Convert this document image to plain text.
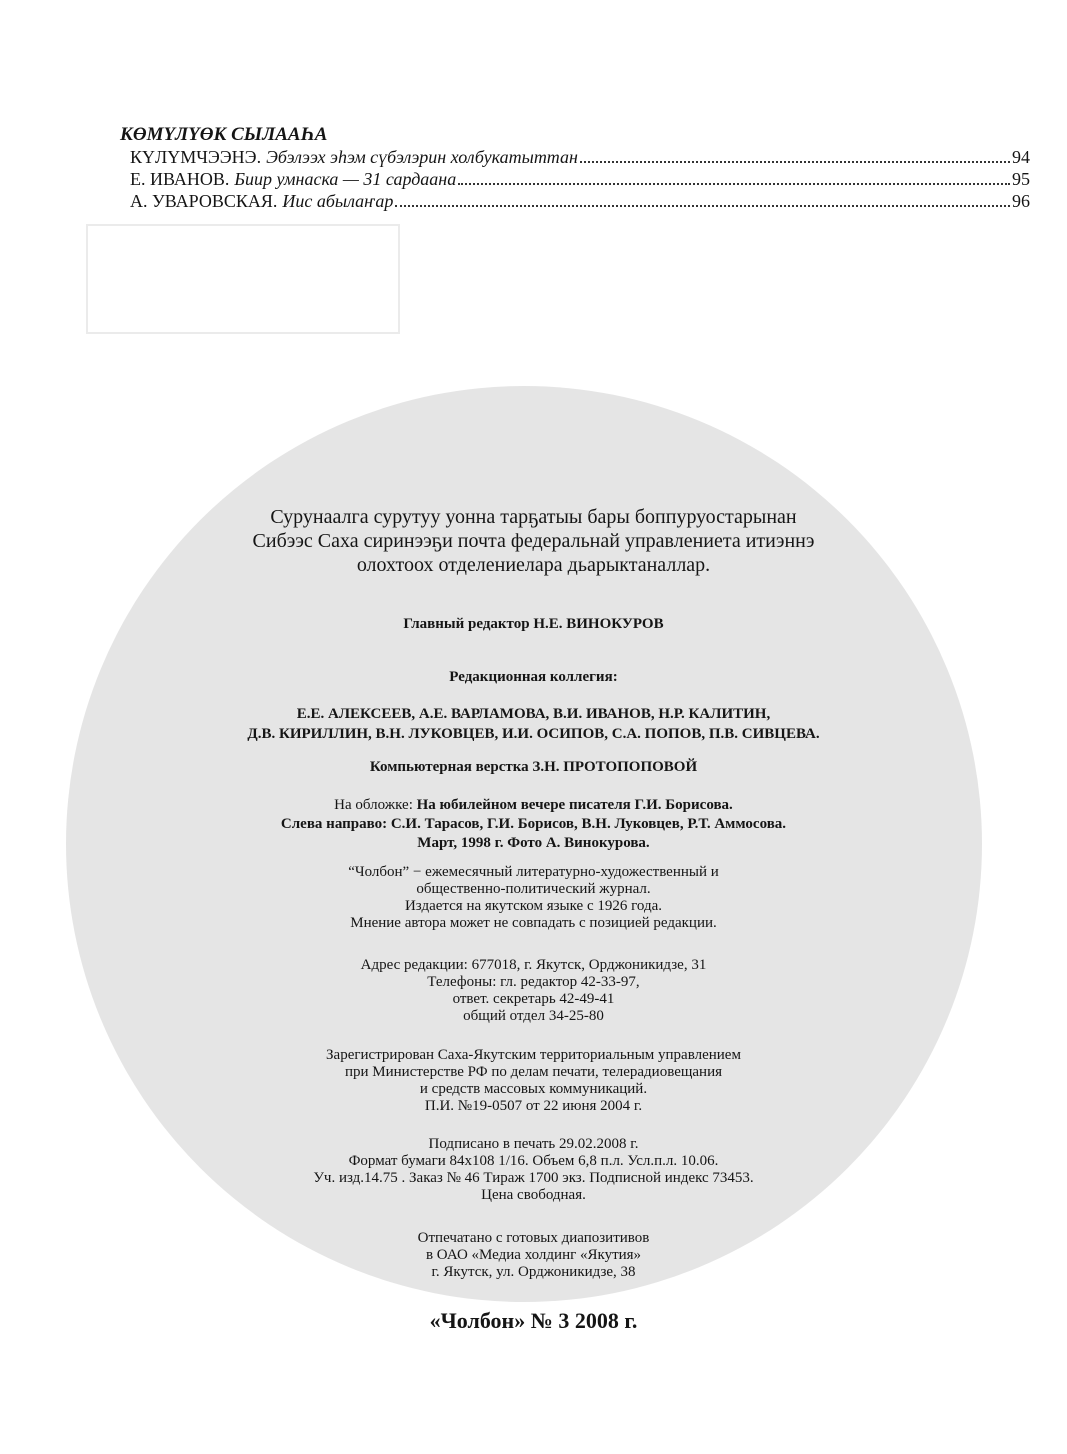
КӨМҮЛҮӨК СЫЛААҺА
КҮЛҮМЧЭЭНЭ. Эбэлээх эһэм сүбэлэрин холбукатыттан	94
Е. ИВАНОВ. Биир умнаска — 31 сардаана	95
А. УВАРОВСКАЯ. Иис абылаҥар	96
Сурунаалга сурутуу уонна тарҕатыы бары боппуруостарынан
Сибээс Саха сиринээҕи почта федеральнай управлениета итиэннэ
олохтоох отделениелара дьарыктаналлар.
Главный редактор Н.Е. ВИНОКУРОВ
Редакционная коллегия:
Е.Е. АЛЕКСЕЕВ, А.Е. ВАРЛАМОВА, В.И. ИВАНОВ, Н.Р. КАЛИТИН,
Д.В. КИРИЛЛИН, В.Н. ЛУКОВЦЕВ, И.И. ОСИПОВ, С.А. ПОПОВ, П.В. СИВЦЕВА.
Компьютерная верстка З.Н. ПРОТОПОПОВОЙ
На обложке: На юбилейном вечере писателя Г.И. Борисова.
Слева направо: С.И. Тарасов, Г.И. Борисов, В.Н. Луковцев, Р.Т. Аммосова.
Март, 1998 г. Фото А. Винокурова.
“Чолбон” − ежемесячный литературно-художественный и
общественно-политический журнал.
Издается на якутском языке с 1926 года.
Мнение автора может не совпадать с позицией редакции.
Адрес редакции: 677018, г. Якутск, Орджоникидзе, 31
Телефоны: гл. редактор 42-33-97,
ответ. секретарь 42-49-41
общий отдел 34-25-80
Зарегистрирован Саха-Якутским территориальным управлением
при Министерстве РФ по делам печати, телерадиовещания
и средств массовых коммуникаций.
П.И. №19-0507 от 22 июня 2004 г.
Подписано в печать 29.02.2008 г.
Формат бумаги 84х108 1/16. Объем 6,8 п.л. Усл.п.л. 10.06.
Уч. изд.14.75 . Заказ № 46 Тираж 1700 экз. Подписной индекс 73453.
Цена свободная.
Отпечатано с готовых диапозитивов
в ОАО «Медиа холдинг «Якутия»
г. Якутск, ул. Орджоникидзе, 38
«Чолбон» № 3 2008 г.
